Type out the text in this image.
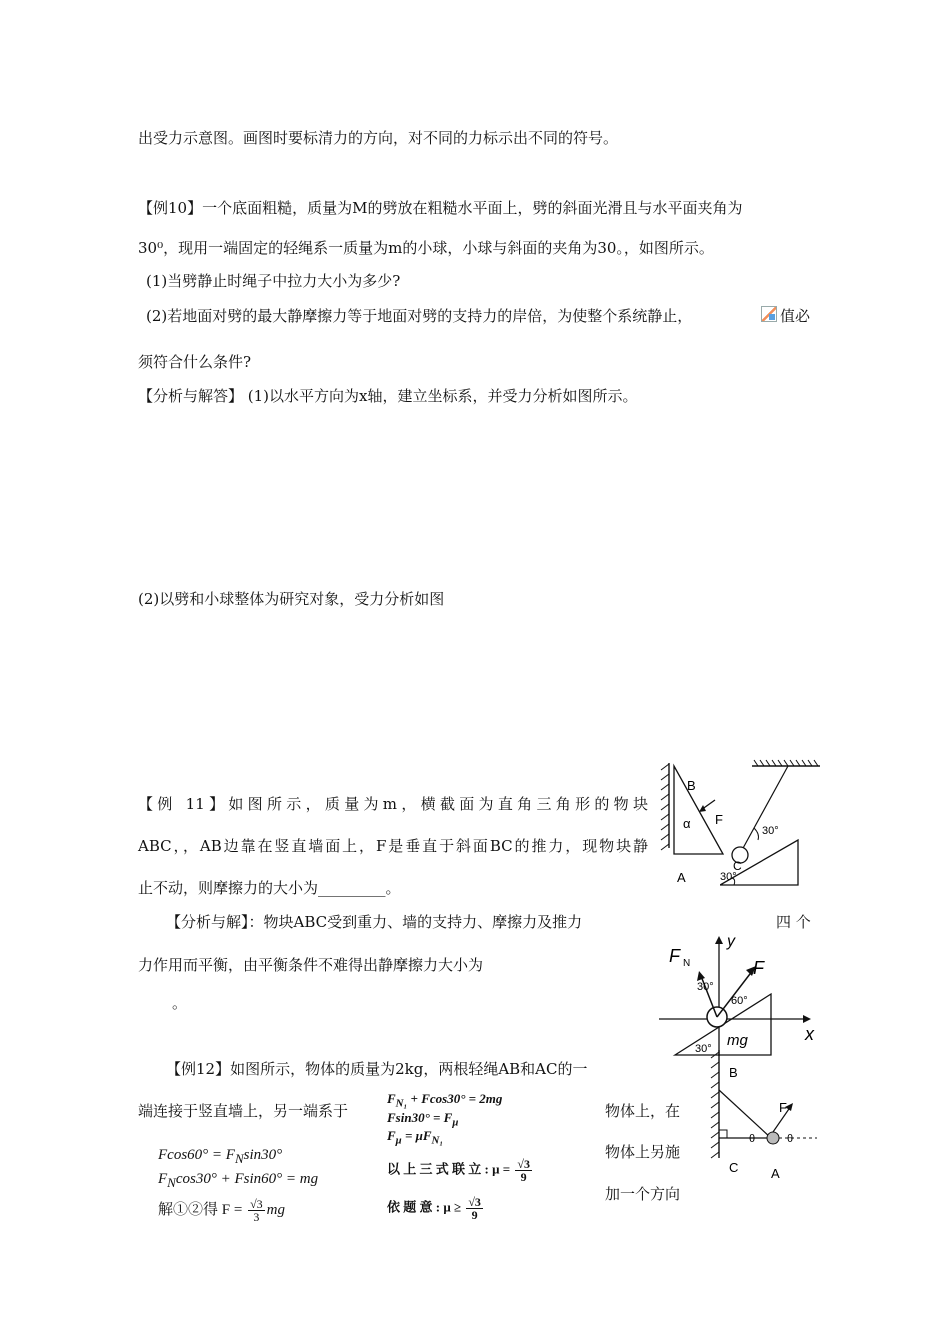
出受力示意图。画图时要标清力的方向，对不同的力标示出不同的符号。
【例10】一个底面粗糙，质量为M的劈放在粗糙水平面上，劈的斜面光滑且与水平面夹角为
30⁰，现用一端固定的轻绳系一质量为m的小球，小球与斜面的夹角为30。，如图所示。
(1)当劈静止时绳子中拉力大小为多少?
(2)若地面对劈的最大静摩擦力等于地面对劈的支持力的岸倍，为使整个系统静止，	值必
须符合什么条件?
【分析与解答】 (1)以水平方向为x轴，建立坐标系，并受力分析如图所示。
(2)以劈和小球整体为研究对象，受力分析如图
【例 11】如图所示，质量为m，横截面为直角三角形的物块
ABC，，AB边靠在竖直墙面上，F是垂直于斜面BC的推力，现物块静
止不动，则摩擦力的大小为_________。
【分析与解】：物块ABC受到重力、墙的支持力、摩擦力及推力	四 个
力作用而平衡，由平衡条件不难得出静摩擦力大小为
。
【例12】如图所示，物体的质量为2kg，两根轻绳AB和AC的一
端连接于竖直墙上，另一端系于	物体上，在
物体上另施
加一个方向
$Fcos60^\circ = F_N\sin 30^\circ$
$F_N\cos 30^\circ + Fsin60^\circ$ = mg
解①②得 $F = \frac{√3}{3}$ mg
$F_{N_1} + Fcos30^\circ = 2mg$
$Fsin30^\circ = F_\mu$
$F_\mu = \mu F_{N_1}$
以 上 三 式 联 立 : $\mu = \frac{√3}{9}$
依 题 意 : $\mu \ge \frac{√3}{9}$
B
F
α
A
C
30°
30°
y
x
F N	F
30°
60°
30° mg
B
F
θ	θ
C	A
